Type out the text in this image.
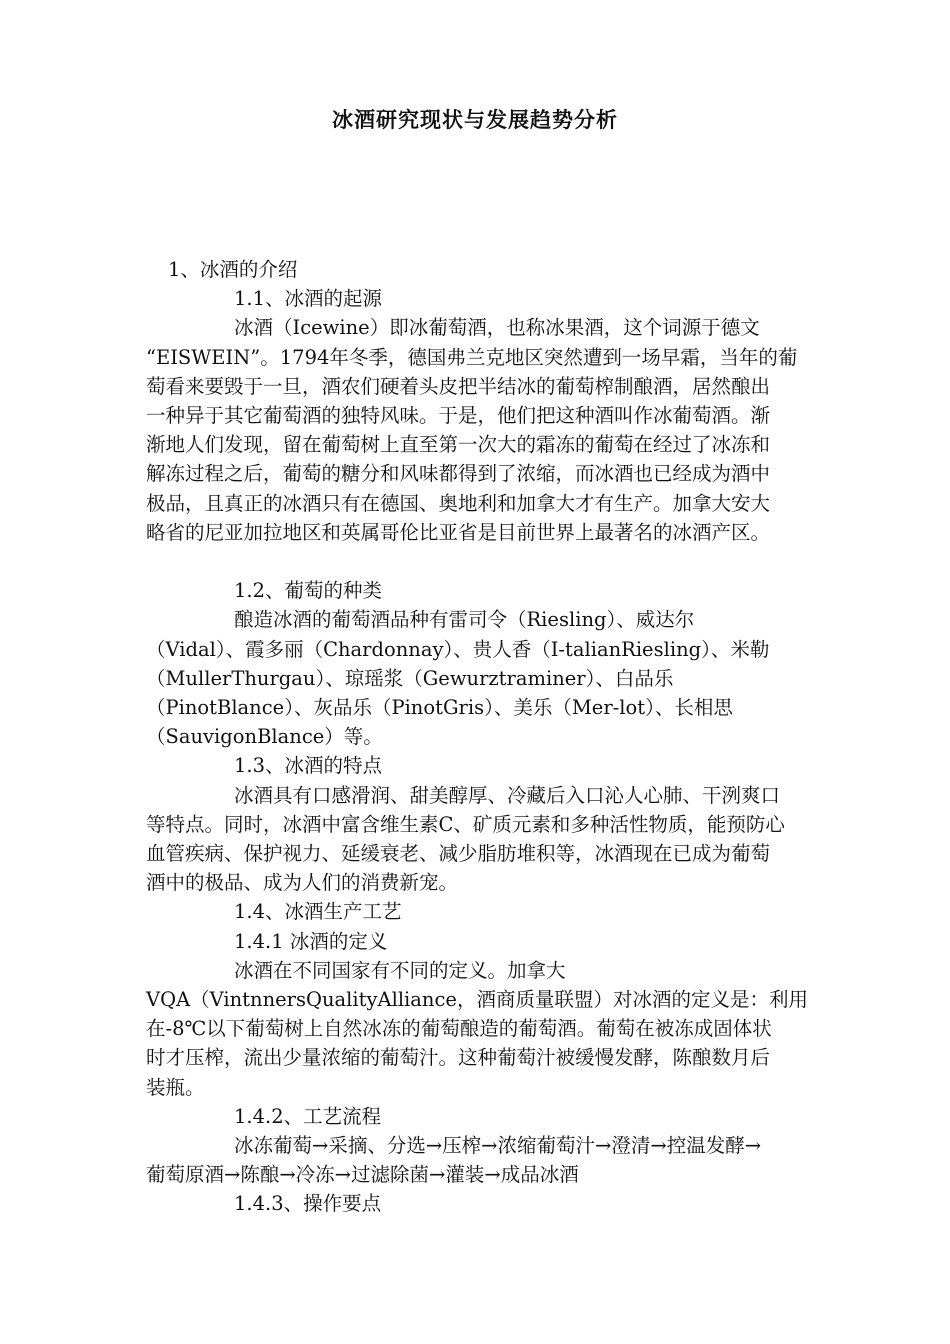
冰酒研究现状与发展趋势分析

1、冰酒的介绍

1.1、冰酒的起源

冰酒（Icewine）即冰葡萄酒，也称冰果酒，这个词源于德文

“EISWEIN”。1794年冬季，德国弗兰克地区突然遭到一场早霜，当年的葡

萄看来要毁于一旦，酒农们硬着头皮把半结冰的葡萄榨制酿酒，居然酿出

一种异于其它葡萄酒的独特风味。于是，他们把这种酒叫作冰葡萄酒。渐

渐地人们发现，留在葡萄树上直至第一次大的霜冻的葡萄在经过了冰冻和

解冻过程之后，葡萄的糖分和风味都得到了浓缩，而冰酒也已经成为酒中

极品，且真正的冰酒只有在德国、奥地利和加拿大才有生产。加拿大安大

略省的尼亚加拉地区和英属哥伦比亚省是目前世界上最著名的冰酒产区。

1.2、葡萄的种类

酿造冰酒的葡萄酒品种有雷司令（Riesling）、威达尔

（Vidal）、霞多丽（Chardonnay）、贵人香（I-talianRiesling）、米勒

（MullerThurgau）、琼瑶浆（Gewurztraminer）、白品乐

（PinotBlance）、灰品乐（PinotGris）、美乐（Mer-lot）、长相思

（SauvigonBlance）等。

1.3、冰酒的特点

冰酒具有口感滑润、甜美醇厚、冷藏后入口沁人心肺、干洌爽口

等特点。同时，冰酒中富含维生素C、矿质元素和多种活性物质，能预防心

血管疾病、保护视力、延缓衰老、减少脂肪堆积等，冰酒现在已成为葡萄

酒中的极品、成为人们的消费新宠。

1.4、冰酒生产工艺

1.4.1 冰酒的定义

冰酒在不同国家有不同的定义。加拿大

VQA（VintnnersQualityAlliance，酒商质量联盟）对冰酒的定义是：利用

在-8℃以下葡萄树上自然冰冻的葡萄酿造的葡萄酒。葡萄在被冻成固体状

时才压榨，流出少量浓缩的葡萄汁。这种葡萄汁被缓慢发酵，陈酿数月后

装瓶。

1.4.2、工艺流程

冰冻葡萄→采摘、分选→压榨→浓缩葡萄汁→澄清→控温发酵→

葡萄原酒→陈酿→冷冻→过滤除菌→灌装→成品冰酒

1.4.3、操作要点
